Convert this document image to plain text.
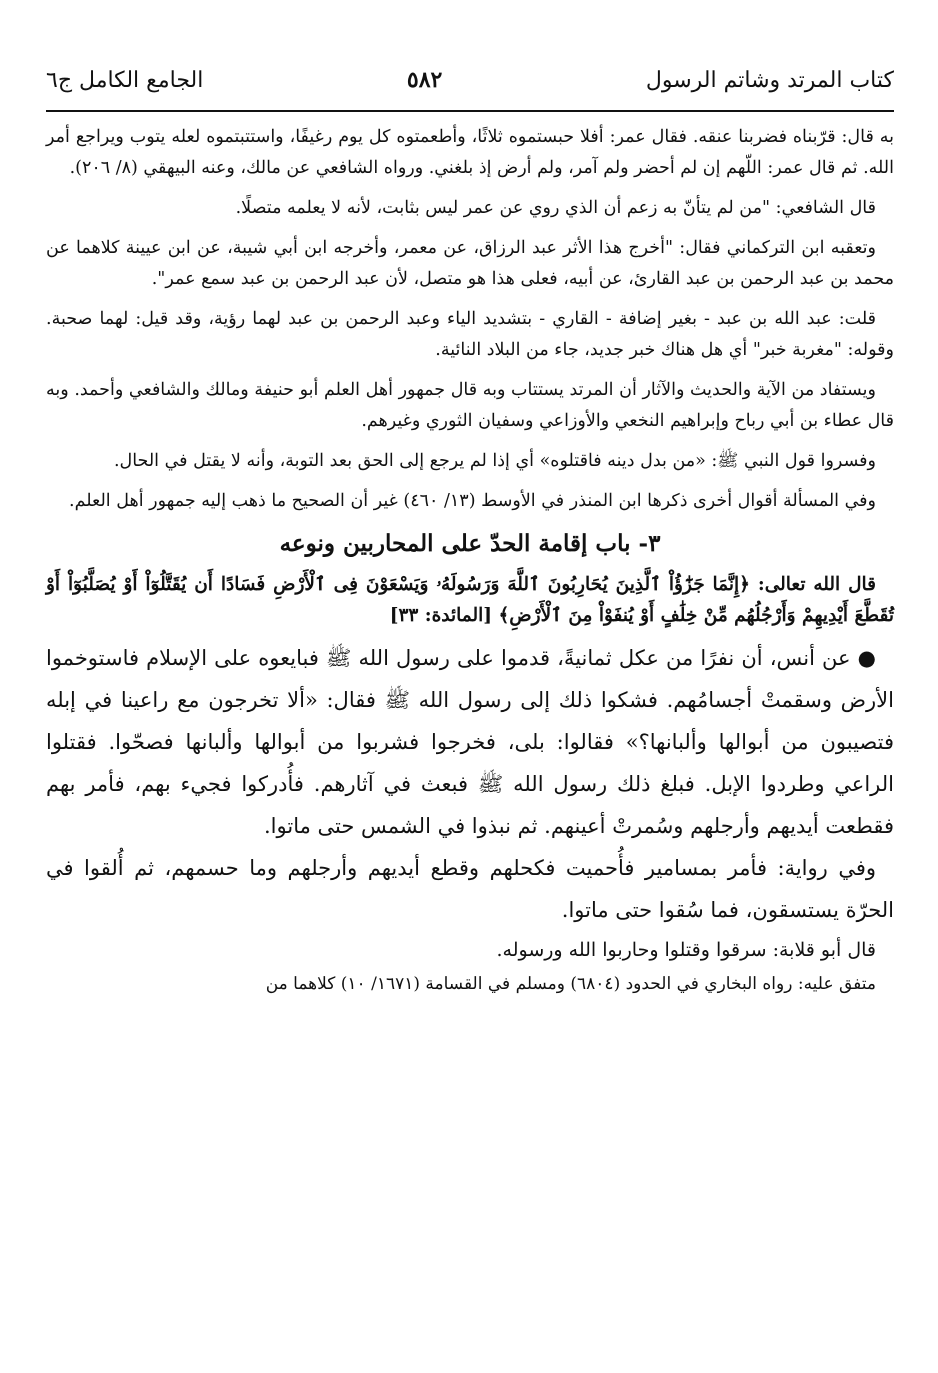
كتاب المرتد وشاتم الرسول
٥٨٢
الجامع الكامل ج٦

به قال: قرّبناه فضربنا عنقه. فقال عمر: أفلا حبستموه ثلاثًا، وأطعمتوه كل يوم رغيفًا، واستتبتموه لعله يتوب ويراجع أمر الله. ثم قال عمر: اللّهم إن لم أحضر ولم آمر، ولم أرض إذ بلغني. ورواه الشافعي عن مالك، وعنه البيهقي (٨/ ٢٠٦).

قال الشافعي: "من لم يتأنّ به زعم أن الذي روي عن عمر ليس بثابت، لأنه لا يعلمه متصلًا.

وتعقبه ابن التركماني فقال: "أخرج هذا الأثر عبد الرزاق، عن معمر، وأخرجه ابن أبي شيبة، عن ابن عيينة كلاهما عن محمد بن عبد الرحمن بن عبد القارئ، عن أبيه، فعلى هذا هو متصل، لأن عبد الرحمن بن عبد سمع عمر".

قلت: عبد الله بن عبد - بغير إضافة - القاري - بتشديد الياء وعبد الرحمن بن عبد لهما رؤية، وقد قيل: لهما صحبة. وقوله: "مغربة خبر" أي هل هناك خبر جديد، جاء من البلاد النائية.

ويستفاد من الآية والحديث والآثار أن المرتد يستتاب وبه قال جمهور أهل العلم أبو حنيفة ومالك والشافعي وأحمد. وبه قال عطاء بن أبي رباح وإبراهيم النخعي والأوزاعي وسفيان الثوري وغيرهم.

وفسروا قول النبي ﷺ: «من بدل دينه فاقتلوه» أي إذا لم يرجع إلى الحق بعد التوبة، وأنه لا يقتل في الحال.

وفي المسألة أقوال أخرى ذكرها ابن المنذر في الأوسط (١٣/ ٤٦٠) غير أن الصحيح ما ذهب إليه جمهور أهل العلم.

٣- باب إقامة الحدّ على المحاربين ونوعه

قال الله تعالى: ﴿إِنَّمَا جَزَٰٓؤُاْ ٱلَّذِينَ يُحَارِبُونَ ٱللَّهَ وَرَسُولَهُۥ وَيَسْعَوْنَ فِى ٱلْأَرْضِ فَسَادًا أَن يُقَتَّلُوٓاْ أَوْ يُصَلَّبُوٓاْ أَوْ تُقَطَّعَ أَيْدِيهِمْ وَأَرْجُلُهُم مِّنْ خِلَٰفٍ أَوْ يُنفَوْاْ مِنَ ٱلْأَرْضِ﴾ [المائدة: ٣٣]

● عن أنس، أن نفرًا من عكل ثمانيةً، قدموا على رسول الله ﷺ فبايعوه على الإسلام فاستوخموا الأرض وسقمتْ أجسامُهم. فشكوا ذلك إلى رسول الله ﷺ فقال: «ألا تخرجون مع راعينا في إبله فتصيبون من أبوالها وألبانها؟» فقالوا: بلى، فخرجوا فشربوا من أبوالها وألبانها فصحّوا. فقتلوا الراعي وطردوا الإبل. فبلغ ذلك رسول الله ﷺ فبعث في آثارهم. فأُدركوا فجيء بهم، فأمر بهم فقطعت أيديهم وأرجلهم وسُمرتْ أعينهم. ثم نبذوا في الشمس حتى ماتوا.

وفي رواية: فأمر بمسامير فأُحميت فكحلهم وقطع أيديهم وأرجلهم وما حسمهم، ثم أُلقوا في الحرّة يستسقون، فما سُقوا حتى ماتوا.

قال أبو قلابة: سرقوا وقتلوا وحاربوا الله ورسوله.

متفق عليه: رواه البخاري في الحدود (٦٨٠٤) ومسلم في القسامة (١٦٧١/ ١٠) كلاهما من
